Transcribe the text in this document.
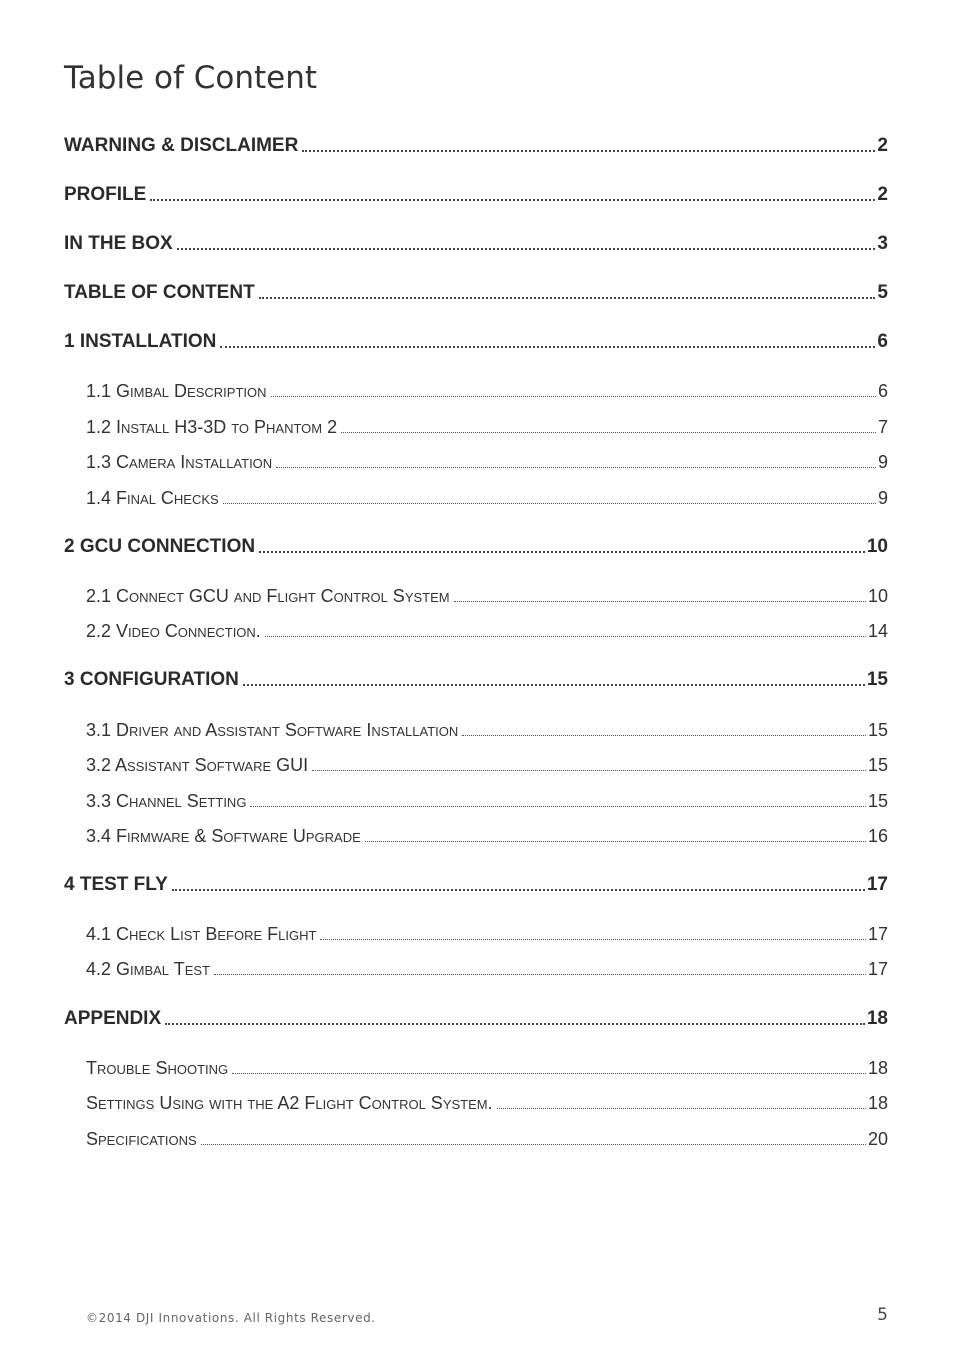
Table of Content
WARNING & DISCLAIMER	2
PROFILE	2
IN THE BOX	3
TABLE OF CONTENT	5
1 INSTALLATION	6
1.1 Gimbal Description	6
1.2 Install H3-3D to Phantom 2	7
1.3 Camera Installation	9
1.4 Final Checks	9
2 GCU CONNECTION	10
2.1 Connect GCU and Flight Control System	10
2.2 Video Connection.	14
3 CONFIGURATION	15
3.1 Driver and Assistant Software Installation	15
3.2 Assistant Software GUI	15
3.3 Channel Setting	15
3.4 Firmware & Software Upgrade	16
4 TEST FLY	17
4.1 Check List Before Flight	17
4.2 Gimbal Test	17
APPENDIX	18
Trouble Shooting	18
Settings Using with the A2 Flight Control System.	18
Specifications	20
©2014 DJI Innovations. All Rights Reserved.	5
